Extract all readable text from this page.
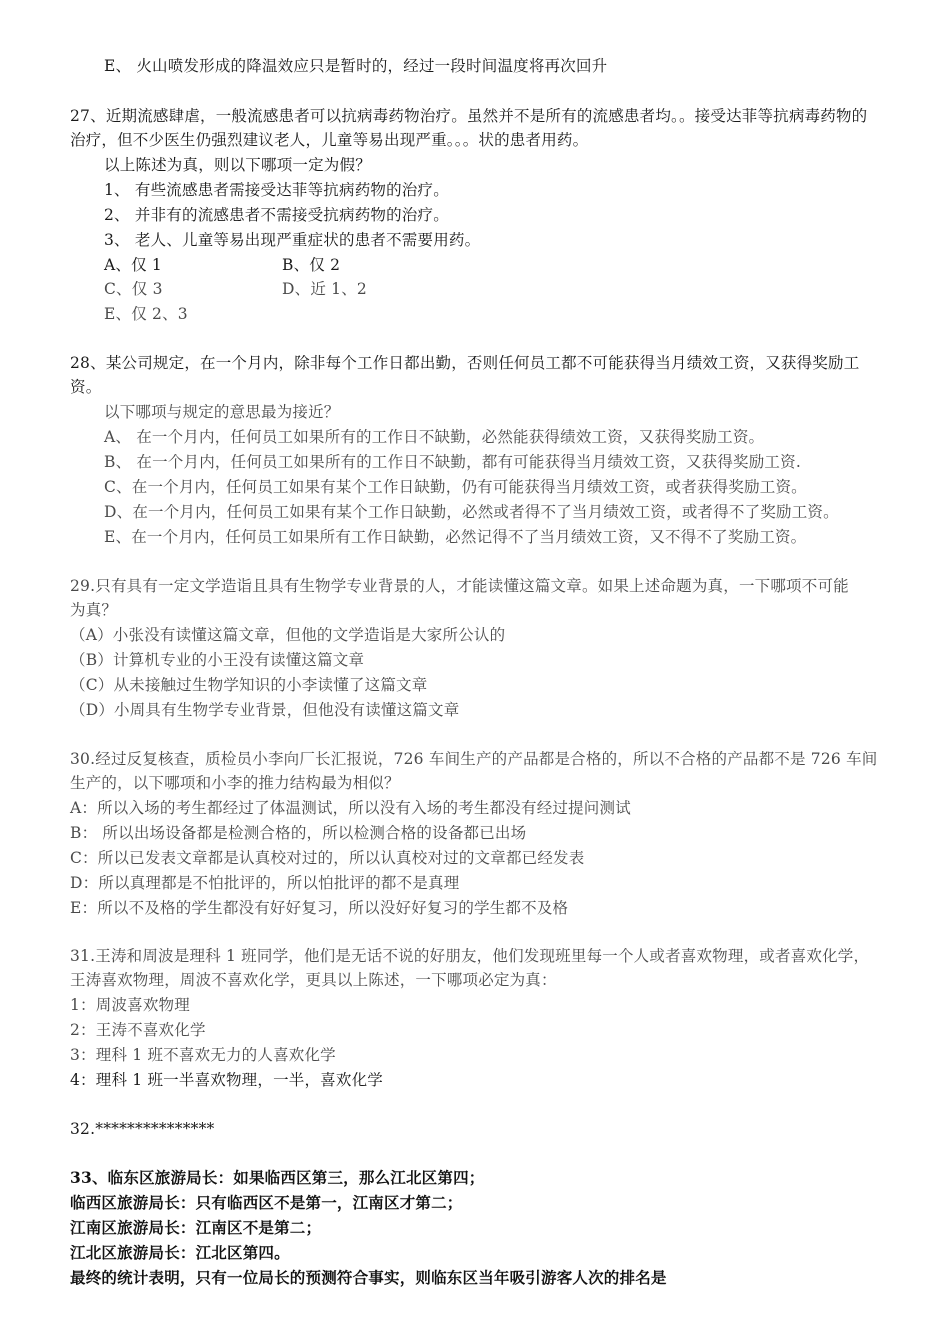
E、 火山喷发形成的降温效应只是暂时的，经过一段时间温度将再次回升
27、近期流感肆虐，一般流感患者可以抗病毒药物治疗。虽然并不是所有的流感患者均。。接受达菲等抗病毒药物的
治疗，但不少医生仍强烈建议老人，儿童等易出现严重。。。状的患者用药。
以上陈述为真，则以下哪项一定为假？
1、 有些流感患者需接受达菲等抗病药物的治疗。
2、 并非有的流感患者不需接受抗病药物的治疗。
3、 老人、儿童等易出现严重症状的患者不需要用药。
A、仅 1	B、仅 2
C、仅 3	D、近 1、2
E、仅 2、3
28、某公司规定，在一个月内，除非每个工作日都出勤，否则任何员工都不可能获得当月绩效工资，又获得奖励工
资。
以下哪项与规定的意思最为接近？
A、 在一个月内，任何员工如果所有的工作日不缺勤，必然能获得绩效工资，又获得奖励工资。
B、 在一个月内，任何员工如果所有的工作日不缺勤，都有可能获得当月绩效工资，又获得奖励工资.
C、在一个月内，任何员工如果有某个工作日缺勤，仍有可能获得当月绩效工资，或者获得奖励工资。
D、在一个月内，任何员工如果有某个工作日缺勤，必然或者得不了当月绩效工资，或者得不了奖励工资。
E、在一个月内，任何员工如果所有工作日缺勤，必然记得不了当月绩效工资，又不得不了奖励工资。
29.只有具有一定文学造诣且具有生物学专业背景的人，才能读懂这篇文章。如果上述命题为真，一下哪项不可能
为真？
（A）小张没有读懂这篇文章，但他的文学造诣是大家所公认的
（B）计算机专业的小王没有读懂这篇文章
（C）从未接触过生物学知识的小李读懂了这篇文章
（D）小周具有生物学专业背景，但他没有读懂这篇文章
30.经过反复核查，质检员小李向厂长汇报说，726 车间生产的产品都是合格的，所以不合格的产品都不是 726 车间
生产的，以下哪项和小李的推力结构最为相似？
A：所以入场的考生都经过了体温测试，所以没有入场的考生都没有经过提问测试
B： 所以出场设备都是检测合格的，所以检测合格的设备都已出场
C：所以已发表文章都是认真校对过的，所以认真校对过的文章都已经发表
D：所以真理都是不怕批评的，所以怕批评的都不是真理
E：所以不及格的学生都没有好好复习，所以没好好复习的学生都不及格
31.王涛和周波是理科 1 班同学，他们是无话不说的好朋友，他们发现班里每一个人或者喜欢物理，或者喜欢化学，
王涛喜欢物理，周波不喜欢化学，更具以上陈述，一下哪项必定为真：
1：周波喜欢物理
2：王涛不喜欢化学
3：理科 1 班不喜欢无力的人喜欢化学
4：理科 1 班一半喜欢物理，一半，喜欢化学
32.***************
33、临东区旅游局长：如果临西区第三，那么江北区第四；
临西区旅游局长：只有临西区不是第一，江南区才第二；
江南区旅游局长：江南区不是第二；
江北区旅游局长：江北区第四。
最终的统计表明，只有一位局长的预测符合事实，则临东区当年吸引游客人次的排名是
